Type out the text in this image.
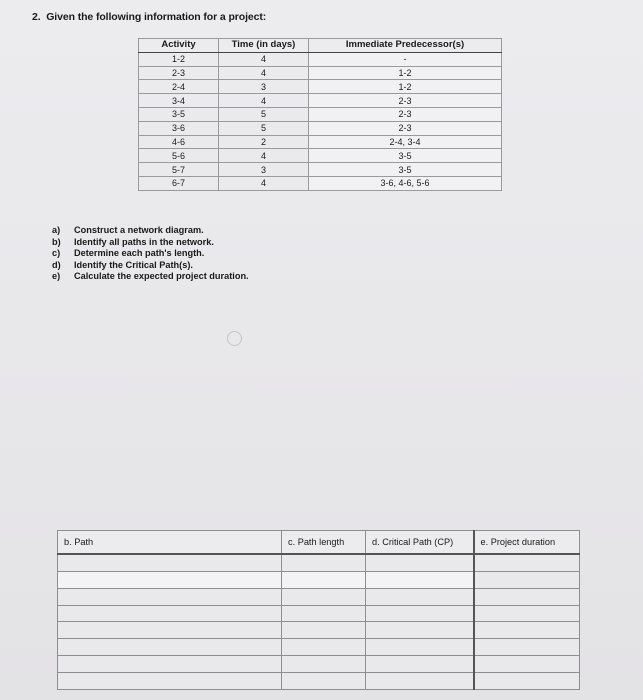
2. Given the following information for a project:
Activity	Time (in days)	Immediate Predecessor(s)
1-2	4	-
2-3	4	1-2
2-4	3	1-2
3-4	4	2-3
3-5	5	2-3
3-6	5	2-3
4-6	2	2-4, 3-4
5-6	4	3-5
5-7	3	3-5
6-7	4	3-6, 4-6, 5-6
a) Construct a network diagram.
b) Identify all paths in the network.
c) Determine each path's length.
d) Identify the Critical Path(s).
e) Calculate the expected project duration.
b. Path	c. Path length	d. Critical Path (CP)	e. Project duration
